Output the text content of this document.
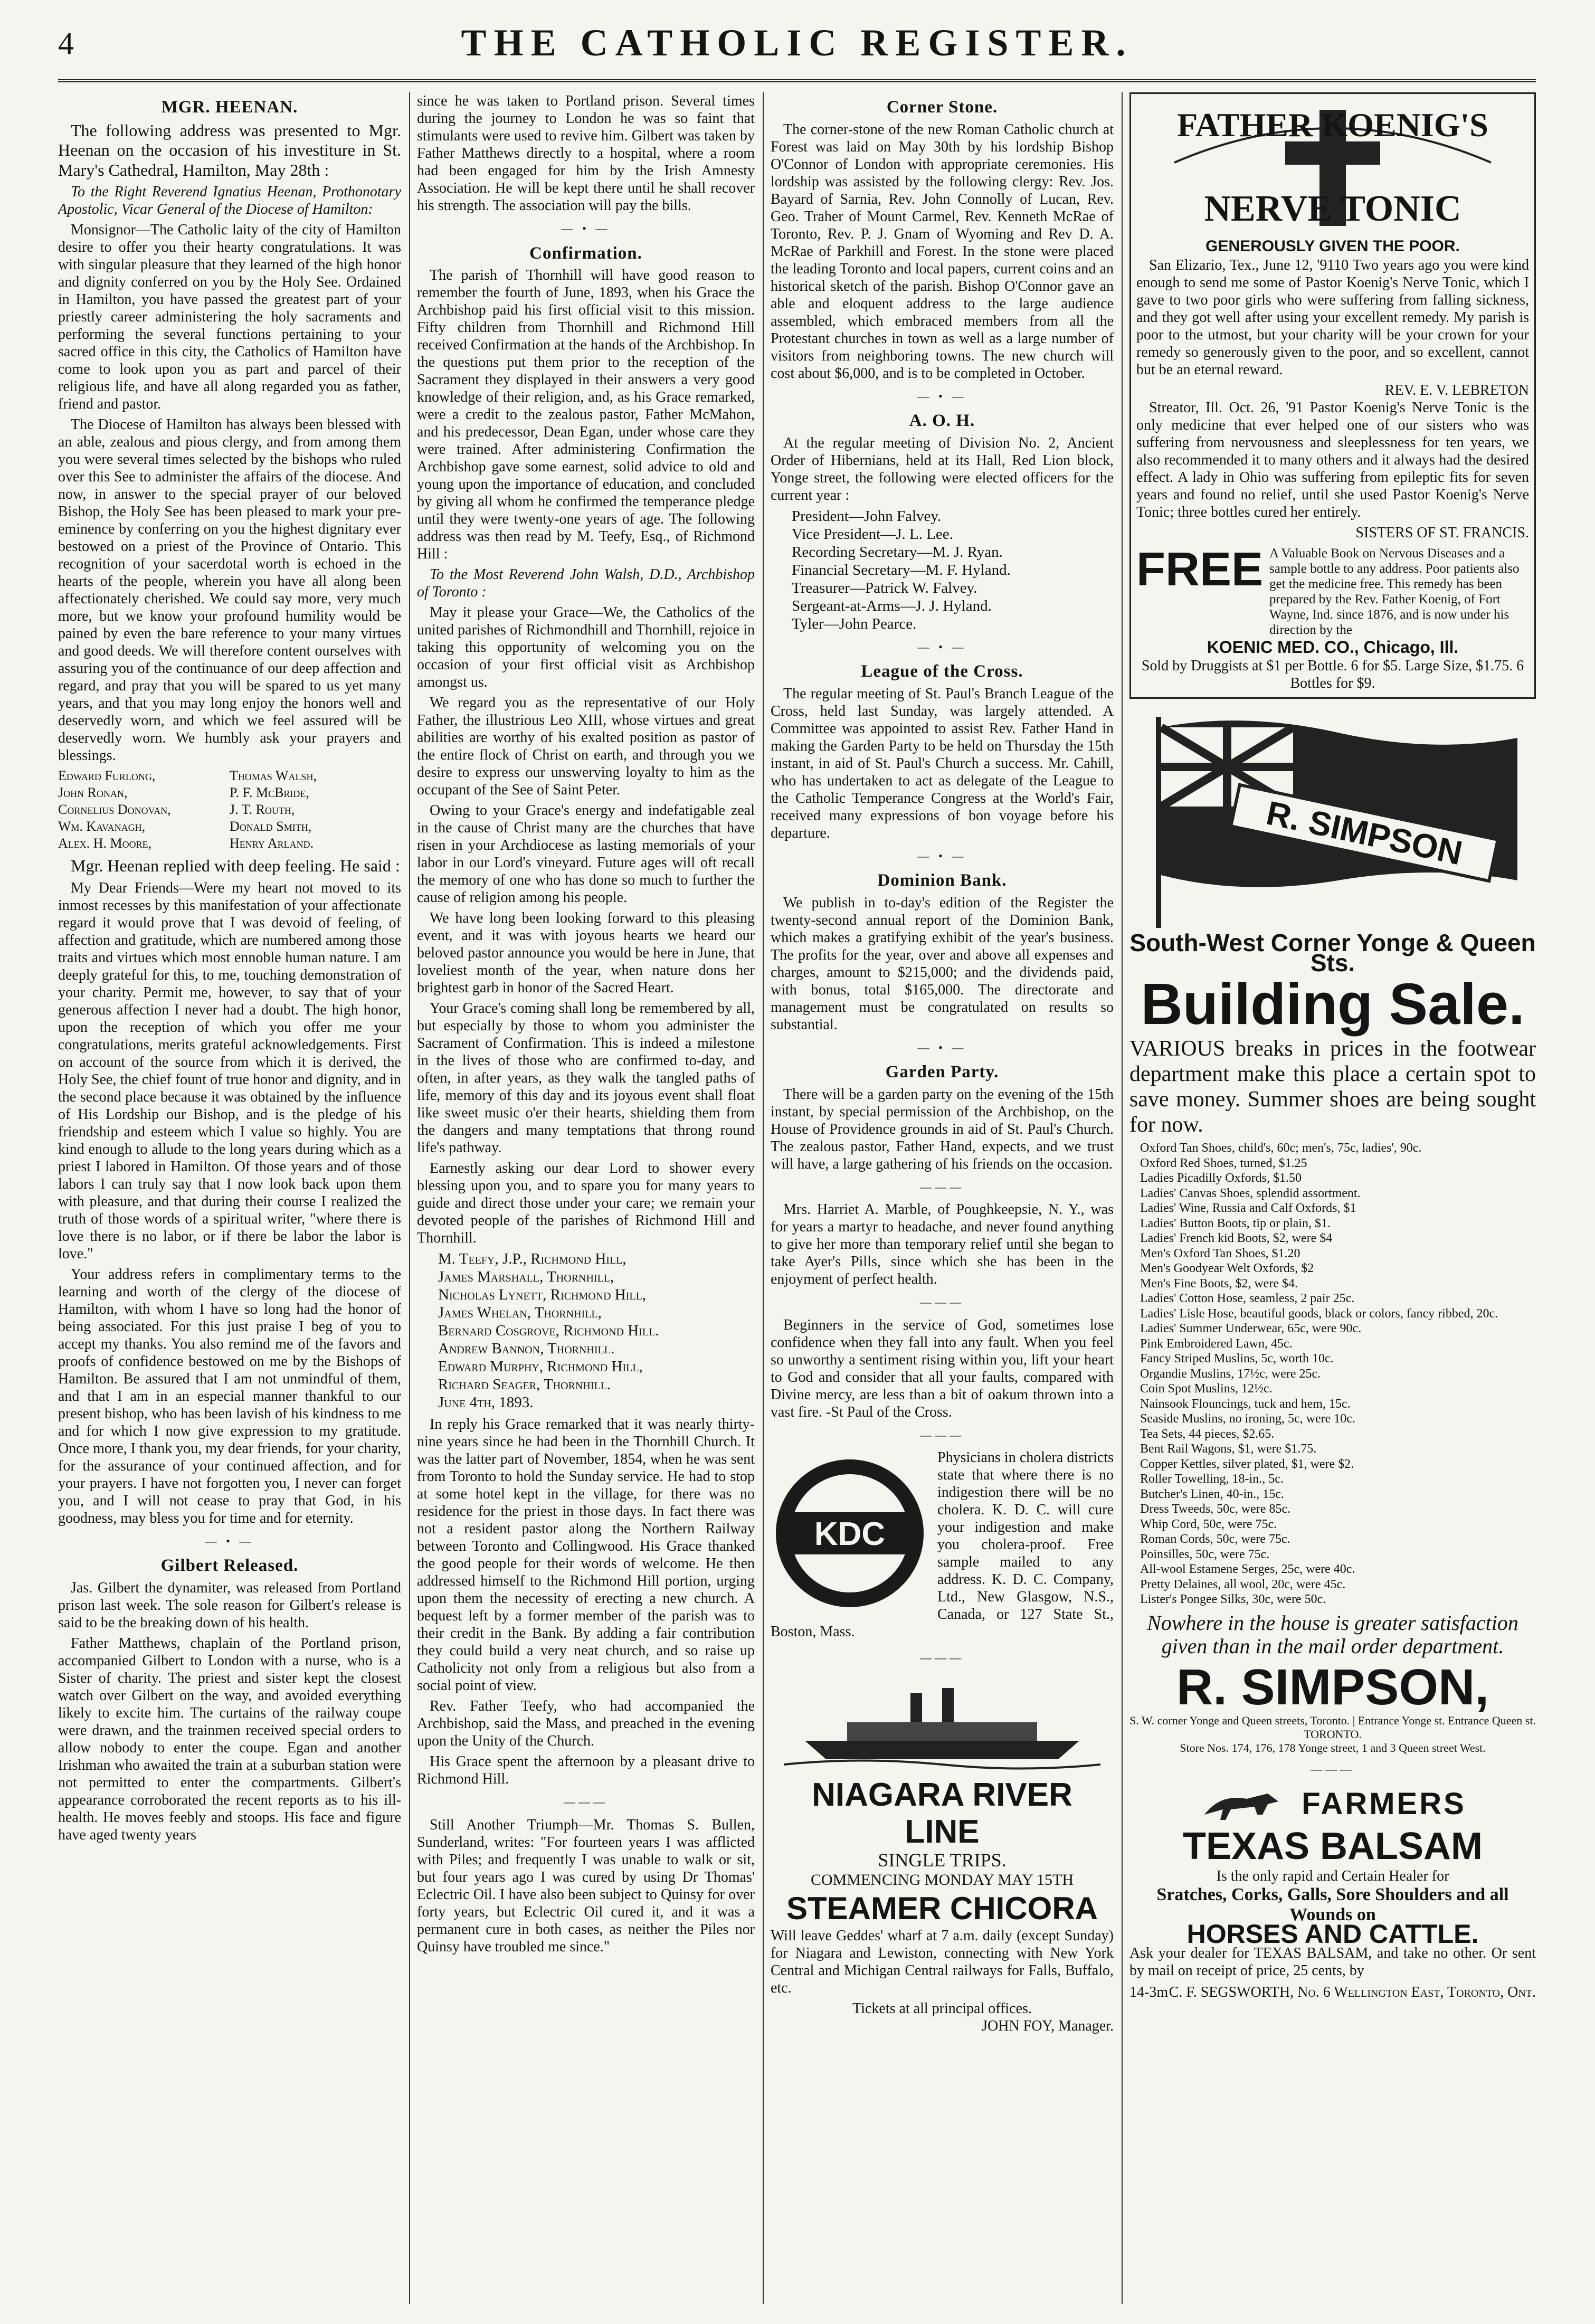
4	THE CATHOLIC REGISTER.
MGR. HEENAN.

The following address was presented to Mgr. Heenan on the occasion of his investiture in St. Mary's Cathedral, Hamilton, May 28th :

To the Right Reverend Ignatius Heenan, Prothonotary Apostolic, Vicar General of the Diocese of Hamilton:

Monsignor—The Catholic laity of the city of Hamilton desire to offer you their hearty congratulations. It was with singular pleasure that they learned of the high honor and dignity conferred on you by the Holy See. Ordained in Hamilton, you have passed the greatest part of your priestly career administering the holy sacraments and performing the several functions pertaining to your sacred office in this city, the Catholics of Hamilton have come to look upon you as part and parcel of their religious life, and have all along regarded you as father, friend and pastor.

The Diocese of Hamilton has always been blessed with an able, zealous and pious clergy, and from among them you were several times selected by the bishops who ruled over this See to administer the affairs of the diocese. And now, in answer to the special prayer of our beloved Bishop, the Holy See has been pleased to mark your pre-eminence by conferring on you the highest dignitary ever bestowed on a priest of the Province of Ontario. This recognition of your sacerdotal worth is echoed in the hearts of the people, wherein you have all along been affectionately cherished. We could say more, very much more, but we know your profound humility would be pained by even the bare reference to your many virtues and good deeds. We will therefore content ourselves with assuring you of the continuance of our deep affection and regard, and pray that you will be spared to us yet many years, and that you may long enjoy the honors well and deservedly worn, and which we feel assured will be deservedly worn. We humbly ask your prayers and blessings.

Edward Furlong,	Thomas Walsh,
John Ronan,	P. F. McBride,
Cornelius Donovan,	J. T. Routh,
Wm. Kavanagh,	Donald Smith,
Alex. H. Moore,	Henry Arland.

Mgr. Heenan replied with deep feeling. He said :

My Dear Friends—Were my heart not moved to its inmost recesses by this manifestation of your affectionate regard it would prove that I was devoid of feeling, of affection and gratitude, which are numbered among those traits and virtues which most ennoble human nature. I am deeply grateful for this, to me, touching demonstration of your charity. Permit me, however, to say that of your generous affection I never had a doubt. The high honor, upon the reception of which you offer me your congratulations, merits grateful acknowledgements. First on account of the source from which it is derived, the Holy See, the chief fount of true honor and dignity, and in the second place because it was obtained by the influence of His Lordship our Bishop, and is the pledge of his friendship and esteem which I value so highly. You are kind enough to allude to the long years during which as a priest I labored in Hamilton. Of those years and of those labors I can truly say that I now look back upon them with pleasure, and that during their course I realized the truth of those words of a spiritual writer, "where there is love there is no labor, or if there be labor the labor is love."

Your address refers in complimentary terms to the learning and worth of the clergy of the diocese of Hamilton, with whom I have so long had the honor of being associated. For this just praise I beg of you to accept my thanks. You also remind me of the favors and proofs of confidence bestowed on me by the Bishops of Hamilton. Be assured that I am not unmindful of them, and that I am in an especial manner thankful to our present bishop, who has been lavish of his kindness to me and for which I now give expression to my gratitude. Once more, I thank you, my dear friends, for your charity, for the assurance of your continued affection, and for your prayers. I have not forgotten you, I never can forget you, and I will not cease to pray that God, in his goodness, may bless you for time and for eternity.

— • —
Gilbert Released.

Jas. Gilbert the dynamiter, was released from Portland prison last week. The sole reason for Gilbert's release is said to be the breaking down of his health.

Father Matthews, chaplain of the Portland prison, accompanied Gilbert to London with a nurse, who is a Sister of charity. The priest and sister kept the closest watch over Gilbert on the way, and avoided everything likely to excite him. The curtains of the railway coupe were drawn, and the trainmen received special orders to allow nobody to enter the coupe. Egan and another Irishman who awaited the train at a suburban station were not permitted to enter the compartments. Gilbert's appearance corroborated the recent reports as to his ill-health. He moves feebly and stoops. His face and figure have aged twenty years

since he was taken to Portland prison. Several times during the journey to London he was so faint that stimulants were used to revive him. Gilbert was taken by Father Matthews directly to a hospital, where a room had been engaged for him by the Irish Amnesty Association. He will be kept there until he shall recover his strength. The association will pay the bills.

— • —
Confirmation.

The parish of Thornhill will have good reason to remember the fourth of June, 1893, when his Grace the Archbishop paid his first official visit to this mission. Fifty children from Thornhill and Richmond Hill received Confirmation at the hands of the Archbishop. In the questions put them prior to the reception of the Sacrament they displayed in their answers a very good knowledge of their religion, and, as his Grace remarked, were a credit to the zealous pastor, Father McMahon, and his predecessor, Dean Egan, under whose care they were trained. After administering Confirmation the Archbishop gave some earnest, solid advice to old and young upon the importance of education, and concluded by giving all whom he confirmed the temperance pledge until they were twenty-one years of age. The following address was then read by M. Teefy, Esq., of Richmond Hill :

To the Most Reverend John Walsh, D.D., Archbishop of Toronto :

May it please your Grace—We, the Catholics of the united parishes of Richmondhill and Thornhill, rejoice in taking this opportunity of welcoming you on the occasion of your first official visit as Archbishop amongst us.

We regard you as the representative of our Holy Father, the illustrious Leo XIII, whose virtues and great abilities are worthy of his exalted position as pastor of the entire flock of Christ on earth, and through you we desire to express our unswerving loyalty to him as the occupant of the See of Saint Peter.

Owing to your Grace's energy and indefatigable zeal in the cause of Christ many are the churches that have risen in your Archdiocese as lasting memorials of your labor in our Lord's vineyard. Future ages will oft recall the memory of one who has done so much to further the cause of religion among his people.

We have long been looking forward to this pleasing event, and it was with joyous hearts we heard our beloved pastor announce you would be here in June, that loveliest month of the year, when nature dons her brightest garb in honor of the Sacred Heart.

Your Grace's coming shall long be remembered by all, but especially by those to whom you administer the Sacrament of Confirmation. This is indeed a milestone in the lives of those who are confirmed to-day, and often, in after years, as they walk the tangled paths of life, memory of this day and its joyous event shall float like sweet music o'er their hearts, shielding them from the dangers and many temptations that throng round life's pathway.

Earnestly asking our dear Lord to shower every blessing upon you, and to spare you for many years to guide and direct those under your care; we remain your devoted people of the parishes of Richmond Hill and Thornhill.

M. Teefy, J.P., Richmond Hill,
James Marshall, Thornhill,
Nicholas Lynett, Richmond Hill,
James Whelan, Thornhill,
Bernard Cosgrove, Richmond Hill.
Andrew Bannon, Thornhill.
Edward Murphy, Richmond Hill,
Richard Seager, Thornhill.
June 4th, 1893.

In reply his Grace remarked that it was nearly thirty-nine years since he had been in the Thornhill Church. It was the latter part of November, 1854, when he was sent from Toronto to hold the Sunday service. He had to stop at some hotel kept in the village, for there was no residence for the priest in those days. In fact there was not a resident pastor along the Northern Railway between Toronto and Collingwood. His Grace thanked the good people for their words of welcome. He then addressed himself to the Richmond Hill portion, urging upon them the necessity of erecting a new church. A bequest left by a former member of the parish was to their credit in the Bank. By adding a fair contribution they could build a very neat church, and so raise up Catholicity not only from a religious but also from a social point of view.

Rev. Father Teefy, who had accompanied the Archbishop, said the Mass, and preached in the evening upon the Unity of the Church.

His Grace spent the afternoon by a pleasant drive to Richmond Hill.

———

Still Another Triumph—Mr. Thomas S. Bullen, Sunderland, writes: "For fourteen years I was afflicted with Piles; and frequently I was unable to walk or sit, but four years ago I was cured by using Dr Thomas' Eclectric Oil. I have also been subject to Quinsy for over forty years, but Eclectric Oil cured it, and it was a permanent cure in both cases, as neither the Piles nor Quinsy have troubled me since."

Corner Stone.

The corner-stone of the new Roman Catholic church at Forest was laid on May 30th by his lordship Bishop O'Connor of London with appropriate ceremonies. His lordship was assisted by the following clergy: Rev. Jos. Bayard of Sarnia, Rev. John Connolly of Lucan, Rev. Geo. Traher of Mount Carmel, Rev. Kenneth McRae of Toronto, Rev. P. J. Gnam of Wyoming and Rev D. A. McRae of Parkhill and Forest. In the stone were placed the leading Toronto and local papers, current coins and an historical sketch of the parish. Bishop O'Connor gave an able and eloquent address to the large audience assembled, which embraced members from all the Protestant churches in town as well as a large number of visitors from neighboring towns. The new church will cost about $6,000, and is to be completed in October.

— • —
A. O. H.

At the regular meeting of Division No. 2, Ancient Order of Hibernians, held at its Hall, Red Lion block, Yonge street, the following were elected officers for the current year :

President—John Falvey.
Vice President—J. L. Lee.
Recording Secretary—M. J. Ryan.
Financial Secretary—M. F. Hyland.
Treasurer—Patrick W. Falvey.
Sergeant-at-Arms—J. J. Hyland.
Tyler—John Pearce.
— • —
League of the Cross.

The regular meeting of St. Paul's Branch League of the Cross, held last Sunday, was largely attended. A Committee was appointed to assist Rev. Father Hand in making the Garden Party to be held on Thursday the 15th instant, in aid of St. Paul's Church a success. Mr. Cahill, who has undertaken to act as delegate of the League to the Catholic Temperance Congress at the World's Fair, received many expressions of bon voyage before his departure.

— • —
Dominion Bank.

We publish in to-day's edition of the Register the twenty-second annual report of the Dominion Bank, which makes a gratifying exhibit of the year's business. The profits for the year, over and above all expenses and charges, amount to $215,000; and the dividends paid, with bonus, total $165,000. The directorate and management must be congratulated on results so substantial.

— • —
Garden Party.

There will be a garden party on the evening of the 15th instant, by special permission of the Archbishop, on the House of Providence grounds in aid of St. Paul's Church. The zealous pastor, Father Hand, expects, and we trust will have, a large gathering of his friends on the occasion.

———

Mrs. Harriet A. Marble, of Poughkeepsie, N. Y., was for years a martyr to headache, and never found anything to give her more than temporary relief until she began to take Ayer's Pills, since which she has been in the enjoyment of perfect health.

———

Beginners in the service of God, sometimes lose confidence when they fall into any fault. When you feel so unworthy a sentiment rising within you, lift your heart to God and consider that all your faults, compared with Divine mercy, are less than a bit of oakum thrown into a vast fire. -St Paul of the Cross.

———
KDC

Physicians in cholera districts state that where there is no indigestion there will be no cholera. K. D. C. will cure your indigestion and make you cholera-proof. Free sample mailed to any address. K. D. C. Company, Ltd., New Glasgow, N.S., Canada, or 127 State St., Boston, Mass.

———
NIAGARA RIVER LINE
SINGLE TRIPS.
COMMENCING MONDAY MAY 15TH
STEAMER CHICORA

Will leave Geddes' wharf at 7 a.m. daily (except Sunday) for Niagara and Lewiston, connecting with New York Central and Michigan Central railways for Falls, Buffalo, etc.

Tickets at all principal offices.
JOHN FOY, Manager.
FATHER KOENIG'S
NERVE TONIC
GENEROUSLY GIVEN THE POOR.

San Elizario, Tex., June 12, '9110 Two years ago you were kind enough to send me some of Pastor Koenig's Nerve Tonic, which I gave to two poor girls who were suffering from falling sickness, and they got well after using your excellent remedy. My parish is poor to the utmost, but your charity will be your crown for your remedy so generously given to the poor, and so excellent, cannot but be an eternal reward.

REV. E. V. LEBRETON

Streator, Ill. Oct. 26, '91 Pastor Koenig's Nerve Tonic is the only medicine that ever helped one of our sisters who was suffering from nervousness and sleeplessness for ten years, we also recommended it to many others and it always had the desired effect. A lady in Ohio was suffering from epileptic fits for seven years and found no relief, until she used Pastor Koenig's Nerve Tonic; three bottles cured her entirely.

SISTERS OF ST. FRANCIS.
FREE A Valuable Book on Nervous Diseases and a sample bottle to any address. Poor patients also get the medicine free. This remedy has been prepared by the Rev. Father Koenig, of Fort Wayne, Ind. since 1876, and is now under his direction by the
KOENIC MED. CO., Chicago, Ill.
Sold by Druggists at $1 per Bottle. 6 for $5. Large Size, $1.75. 6 Bottles for $9.
R. SIMPSON
South-West Corner Yonge & Queen Sts.
Building Sale.

VARIOUS breaks in prices in the footwear department make this place a certain spot to save money. Summer shoes are being sought for now.

Oxford Tan Shoes, child's, 60c; men's, 75c, ladies', 90c.
Oxford Red Shoes, turned, $1.25
Ladies Picadilly Oxfords, $1.50
Ladies' Canvas Shoes, splendid assortment.
Ladies' Wine, Russia and Calf Oxfords, $1
Ladies' Button Boots, tip or plain, $1.
Ladies' French kid Boots, $2, were $4
Men's Oxford Tan Shoes, $1.20
Men's Goodyear Welt Oxfords, $2
Men's Fine Boots, $2, were $4.
Ladies' Cotton Hose, seamless, 2 pair 25c.
Ladies' Lisle Hose, beautiful goods, black or colors, fancy ribbed, 20c.
Ladies' Summer Underwear, 65c, were 90c.
Pink Embroidered Lawn, 45c.
Fancy Striped Muslins, 5c, worth 10c.
Organdie Muslins, 17½c, were 25c.
Coin Spot Muslins, 12½c.
Nainsook Flouncings, tuck and hem, 15c.
Seaside Muslins, no ironing, 5c, were 10c.
Tea Sets, 44 pieces, $2.65.
Bent Rail Wagons, $1, were $1.75.
Copper Kettles, silver plated, $1, were $2.
Roller Towelling, 18-in., 5c.
Butcher's Linen, 40-in., 15c.
Dress Tweeds, 50c, were 85c.
Whip Cord, 50c, were 75c.
Roman Cords, 50c, were 75c.
Poinsilles, 50c, were 75c.
All-wool Estamene Serges, 25c, were 40c.
Pretty Delaines, all wool, 20c, were 45c.
Lister's Pongee Silks, 30c, were 50c.

Nowhere in the house is greater satisfaction given than in the mail order department.

R. SIMPSON,
S. W. corner Yonge and Queen streets, Toronto. | Entrance Yonge st. Entrance Queen st. TORONTO.
Store Nos. 174, 176, 178 Yonge street, 1 and 3 Queen street West.
———
FARMERS
TEXAS BALSAM
Is the only rapid and Certain Healer for
Sratches, Corks, Galls, Sore Shoulders and all Wounds on
HORSES AND CATTLE.

Ask your dealer for TEXAS BALSAM, and take no other. Or sent by mail on receipt of price, 25 cents, by

14-3m C. F. SEGSWORTH, No. 6 Wellington East, Toronto, Ont.
